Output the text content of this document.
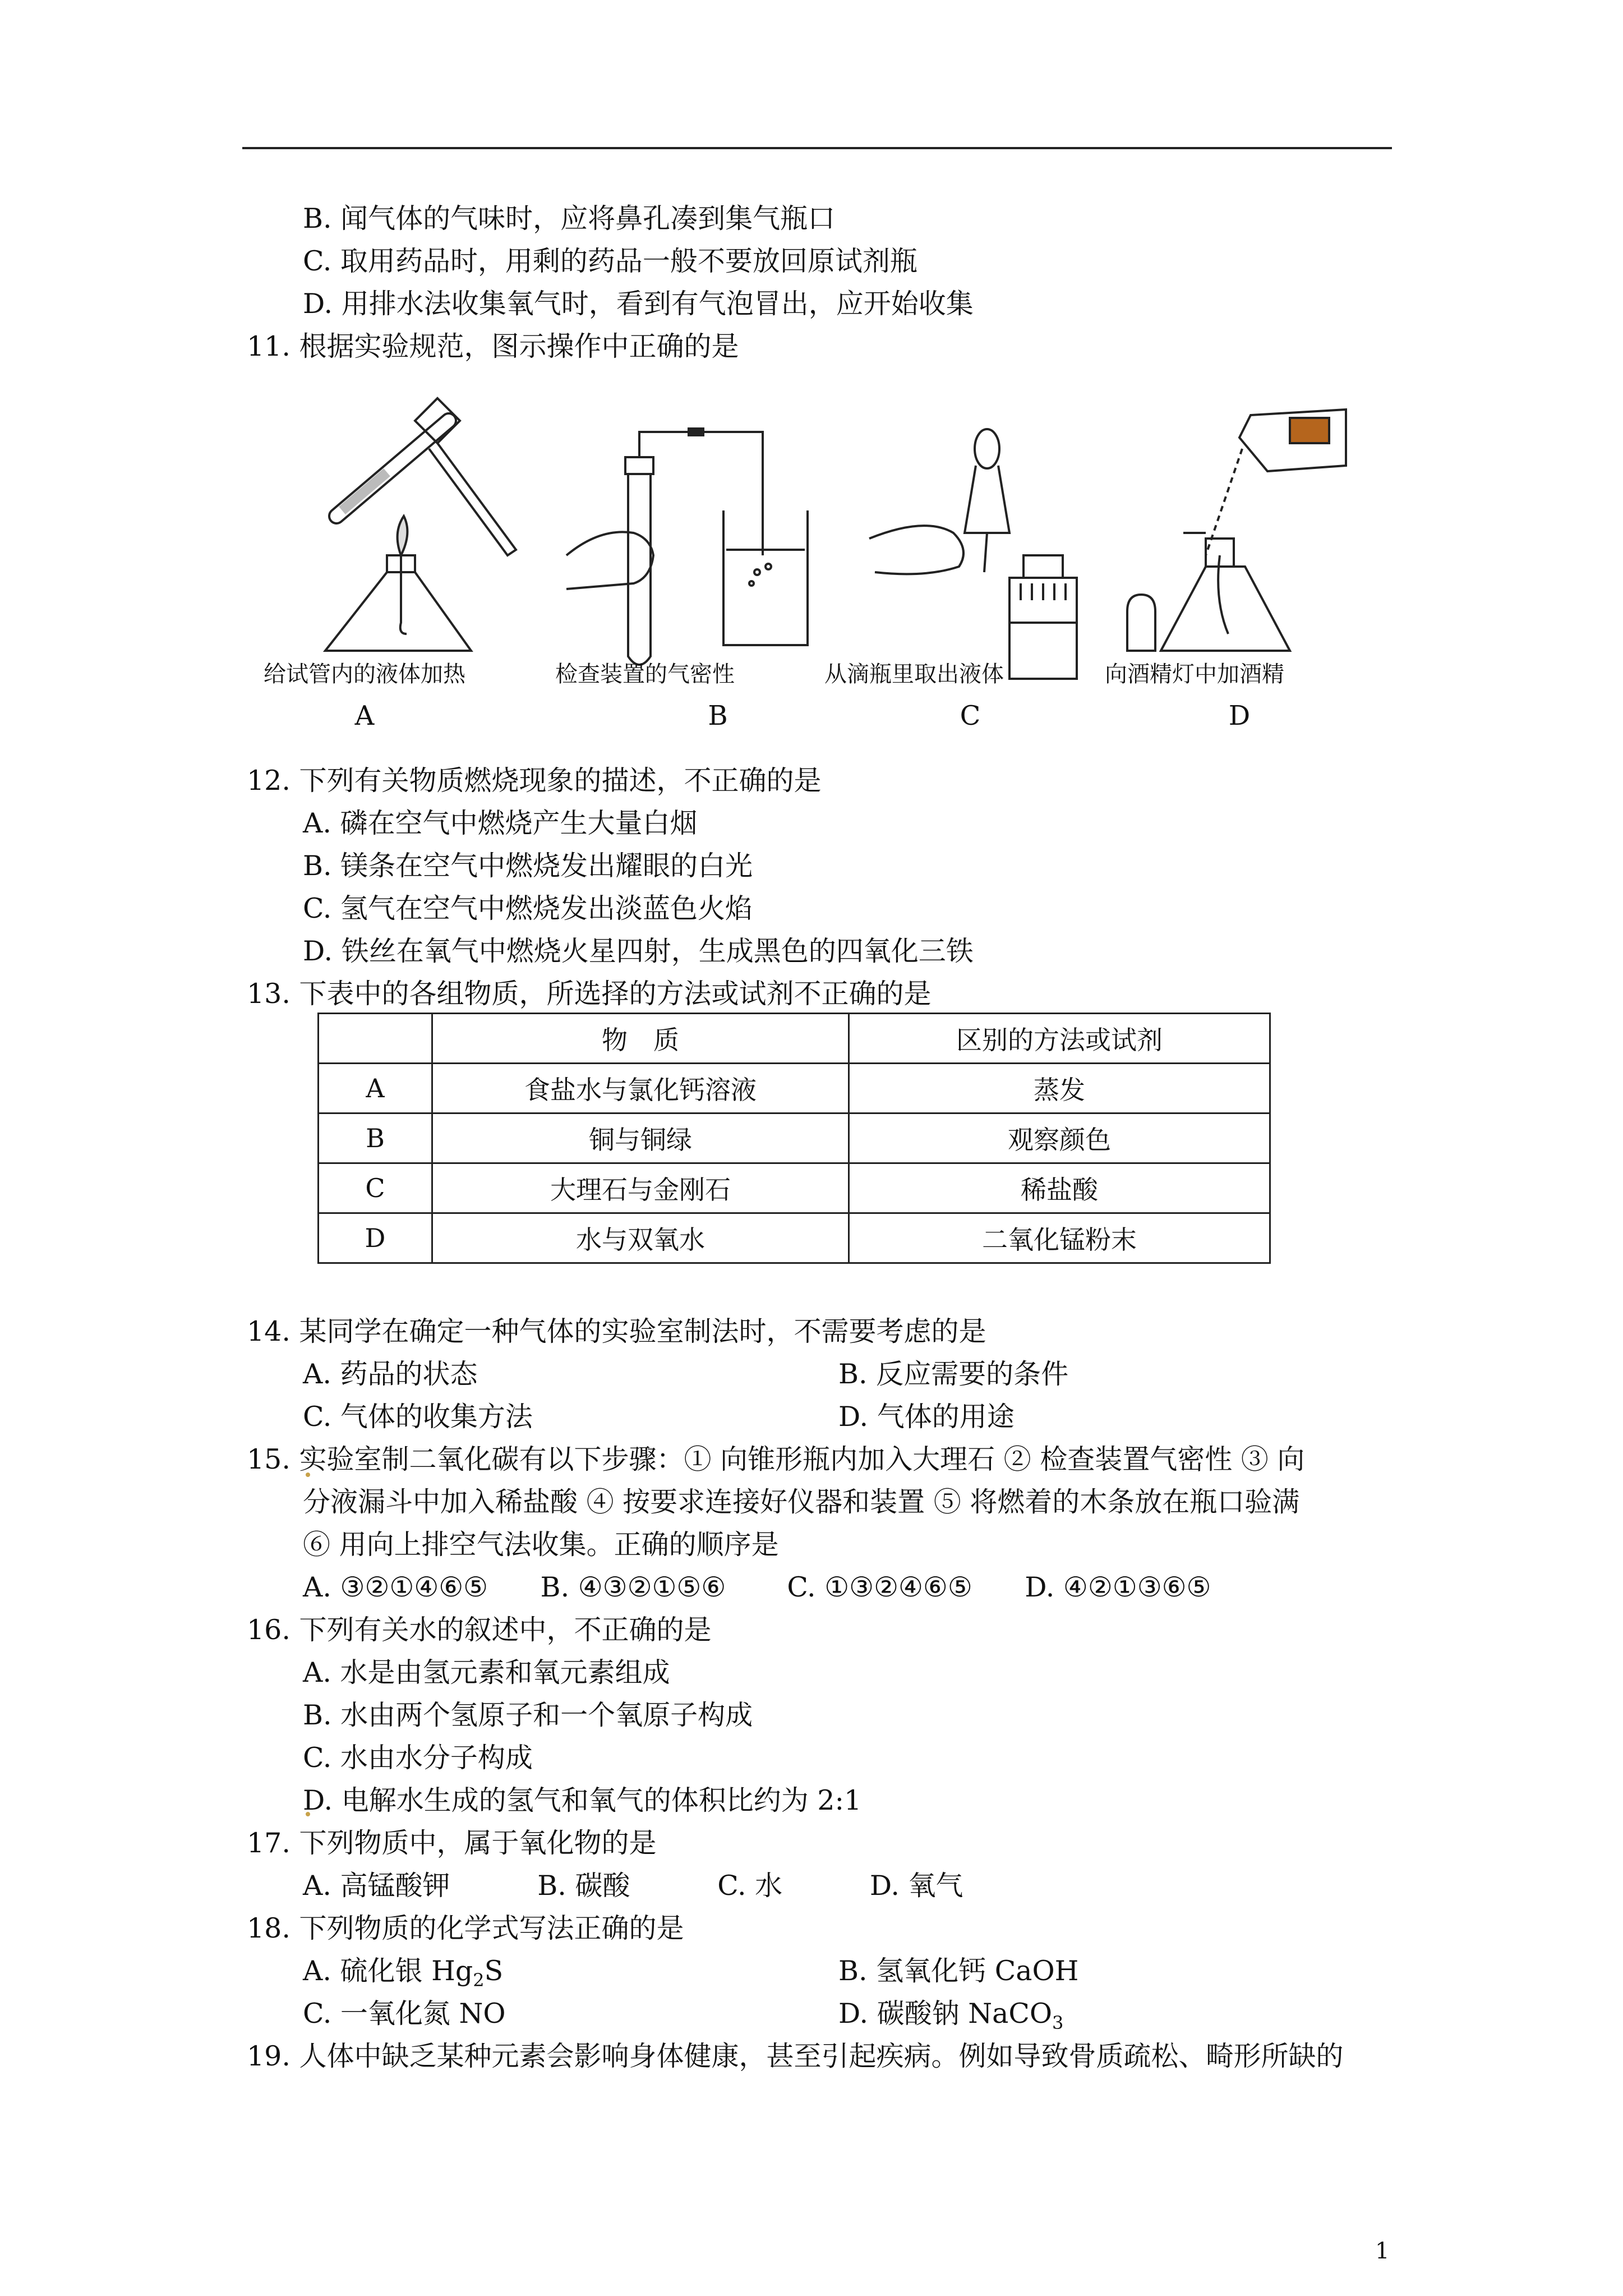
B. 闻气体的气味时，应将鼻孔凑到集气瓶口
C. 取用药品时，用剩的药品一般不要放回原试剂瓶
D. 用排水法收集氧气时，看到有气泡冒出，应开始收集
11. 根据实验规范，图示操作中正确的是
给试管内的液体加热	检查装置的气密性	从滴瓶里取出液体	向酒精灯中加酒精
A	B	C	D
12. 下列有关物质燃烧现象的描述，不正确的是
A. 磷在空气中燃烧产生大量白烟
B. 镁条在空气中燃烧发出耀眼的白光
C. 氢气在空气中燃烧发出淡蓝色火焰
D. 铁丝在氧气中燃烧火星四射，生成黑色的四氧化三铁
13. 下表中的各组物质，所选择的方法或试剂不正确的是
	物　质	区别的方法或试剂
A	食盐水与氯化钙溶液	蒸发
B	铜与铜绿	观察颜色
C	大理石与金刚石	稀盐酸
D	水与双氧水	二氧化锰粉末
14. 某同学在确定一种气体的实验室制法时，不需要考虑的是
A. 药品的状态	B. 反应需要的条件
C. 气体的收集方法	D. 气体的用途
15. 实验室制二氧化碳有以下步骤：① 向锥形瓶内加入大理石 ② 检查装置气密性 ③ 向
分液漏斗中加入稀盐酸 ④ 按要求连接好仪器和装置 ⑤ 将燃着的木条放在瓶口验满
⑥ 用向上排空气法收集。正确的顺序是
A. ③②①④⑥⑤      B. ④③②①⑤⑥       C. ①③②④⑥⑤      D. ④②①③⑥⑤
16. 下列有关水的叙述中，不正确的是
A. 水是由氢元素和氧元素组成
B. 水由两个氢原子和一个氧原子构成
C. 水由水分子构成
D. 电解水生成的氢气和氧气的体积比约为 2:1
17. 下列物质中，属于氧化物的是
A. 高锰酸钾          B. 碳酸          C. 水          D. 氧气
18. 下列物质的化学式写法正确的是
A. 硫化银 $Hg_2S$	B. 氢氧化钙 CaOH
C. 一氧化氮 NO	D. 碳酸钠 NaCO$_3$
19. 人体中缺乏某种元素会影响身体健康，甚至引起疾病。例如导致骨质疏松、畸形所缺的
1
